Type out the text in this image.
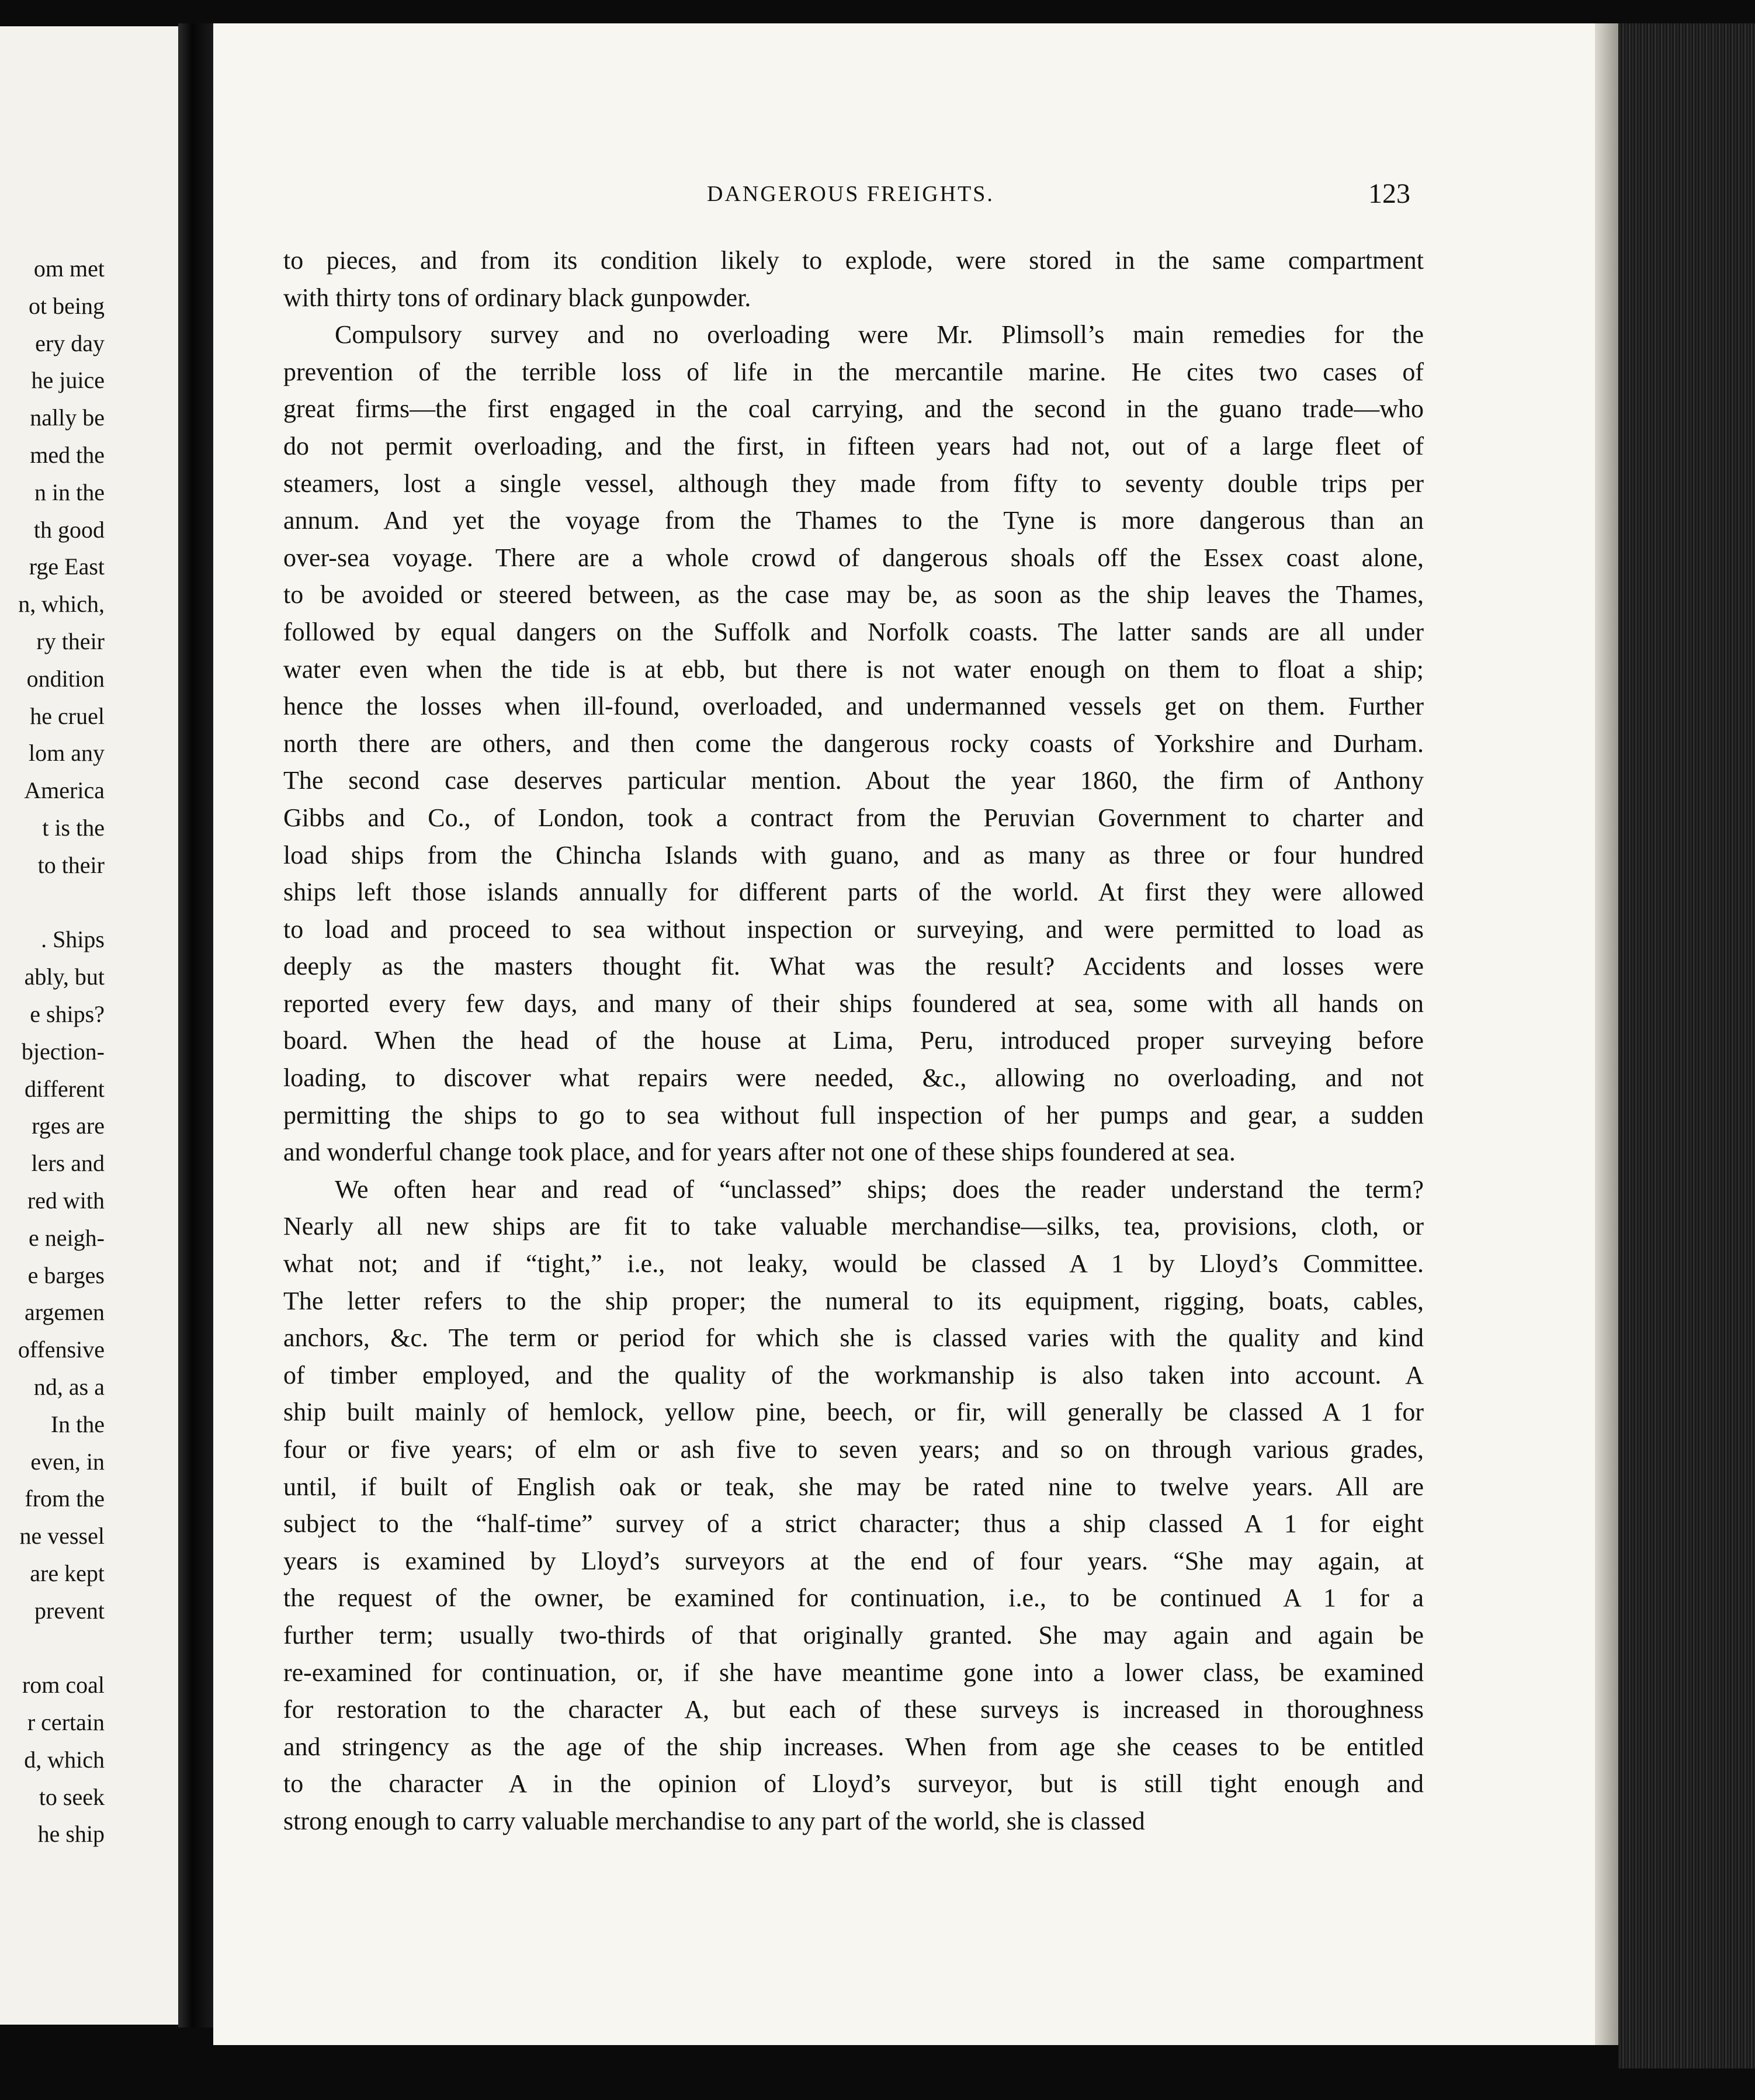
om met
ot being
ery day
he juice
nally be
med the
n in the
th good
rge East
n, which,
ry their
ondition
he cruel
lom any
America
t is the
to their
. Ships
ably, but
e ships?
bjection-
different
rges are
lers and
red with
e neigh-
e barges
argemen
offensive
nd, as a
In the
even, in
from the
ne vessel
are kept
prevent
rom coal
r certain
d, which
to seek
he ship
DANGEROUS FREIGHTS.	123

to pieces, and from its condition likely to explode, were stored in the same compartment
with thirty tons of ordinary black gunpowder.

Compulsory survey and no overloading were Mr. Plimsoll’s main remedies for the
prevention of the terrible loss of life in the mercantile marine. He cites two cases of
great firms—the first engaged in the coal carrying, and the second in the guano trade—who
do not permit overloading, and the first, in fifteen years had not, out of a large fleet of
steamers, lost a single vessel, although they made from fifty to seventy double trips per
annum. And yet the voyage from the Thames to the Tyne is more dangerous than an
over-sea voyage. There are a whole crowd of dangerous shoals off the Essex coast alone,
to be avoided or steered between, as the case may be, as soon as the ship leaves the Thames,
followed by equal dangers on the Suffolk and Norfolk coasts. The latter sands are all under
water even when the tide is at ebb, but there is not water enough on them to float a ship;
hence the losses when ill-found, overloaded, and undermanned vessels get on them. Further
north there are others, and then come the dangerous rocky coasts of Yorkshire and Durham.
The second case deserves particular mention. About the year 1860, the firm of Anthony
Gibbs and Co., of London, took a contract from the Peruvian Government to charter and
load ships from the Chincha Islands with guano, and as many as three or four hundred
ships left those islands annually for different parts of the world. At first they were allowed
to load and proceed to sea without inspection or surveying, and were permitted to load as
deeply as the masters thought fit. What was the result? Accidents and losses were
reported every few days, and many of their ships foundered at sea, some with all hands on
board. When the head of the house at Lima, Peru, introduced proper surveying before
loading, to discover what repairs were needed, &c., allowing no overloading, and not
permitting the ships to go to sea without full inspection of her pumps and gear, a sudden
and wonderful change took place, and for years after not one of these ships foundered at sea.

We often hear and read of “unclassed” ships; does the reader understand the term?
Nearly all new ships are fit to take valuable merchandise—silks, tea, provisions, cloth, or
what not; and if “tight,” i.e., not leaky, would be classed A 1 by Lloyd’s Committee.
The letter refers to the ship proper; the numeral to its equipment, rigging, boats, cables,
anchors, &c. The term or period for which she is classed varies with the quality and kind
of timber employed, and the quality of the workmanship is also taken into account. A
ship built mainly of hemlock, yellow pine, beech, or fir, will generally be classed A 1 for
four or five years; of elm or ash five to seven years; and so on through various grades,
until, if built of English oak or teak, she may be rated nine to twelve years. All are
subject to the “half-time” survey of a strict character; thus a ship classed A 1 for eight
years is examined by Lloyd’s surveyors at the end of four years. “She may again, at
the request of the owner, be examined for continuation, i.e., to be continued A 1 for a
further term; usually two-thirds of that originally granted. She may again and again be
re-examined for continuation, or, if she have meantime gone into a lower class, be examined
for restoration to the character A, but each of these surveys is increased in thoroughness
and stringency as the age of the ship increases. When from age she ceases to be entitled
to the character A in the opinion of Lloyd’s surveyor, but is still tight enough and
strong enough to carry valuable merchandise to any part of the world, she is classed
